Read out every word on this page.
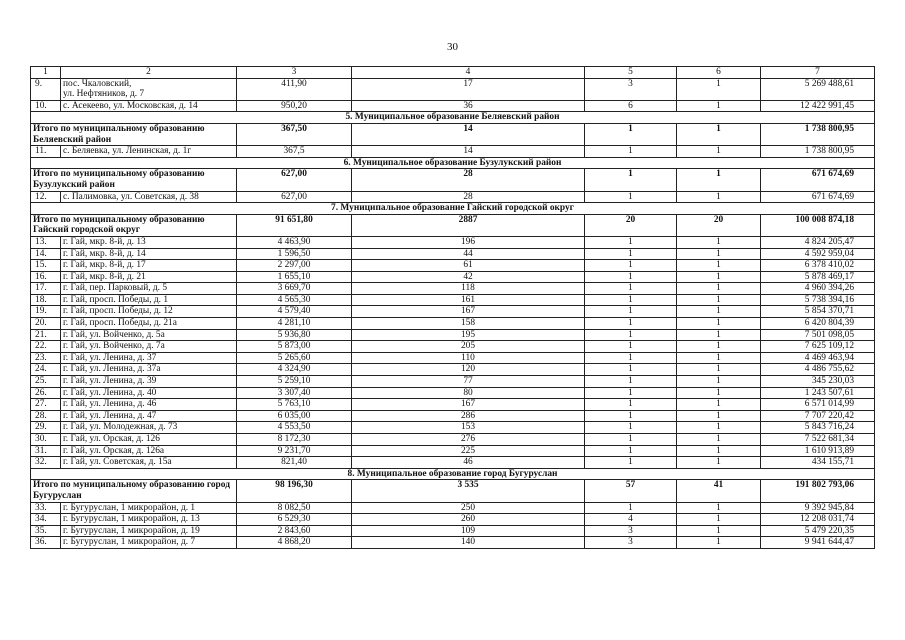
30
1	2	3	4	5	6	7
9.	пос. Чкаловский,
ул. Нефтяников, д. 7	411,90	17	3	1	5 269 488,61
10.	с. Асекеево, ул. Московская, д. 14	950,20	36	6	1	12 422 991,45
5. Муниципальное образование Беляевский район						
Итого по муниципальному образованию Беляевский район		367,50	14	1	1	1 738 800,95
11.	с. Беляевка, ул. Ленинская, д. 1г	367,5	14	1	1	1 738 800,95
6. Муниципальное образование Бузулукский район						
Итого по муниципальному образованию Бузулукский район		627,00	28	1	1	671 674,69
12.	с. Палимовка, ул. Советская, д. 38	627,00	28	1	1	671 674,69
7. Муниципальное образование Гайский городской округ						
Итого по муниципальному образованию Гайский городской округ		91 651,80	2887	20	20	100 008 874,18
13.	г. Гай, мкр. 8-й, д. 13	4 463,90	196	1	1	4 824 205,47
14.	г. Гай, мкр. 8-й, д. 14	1 596,50	44	1	1	4 592 959,04
15.	г. Гай, мкр. 8-й, д. 17	2 297,00	61	1	1	6 378 410,02
16.	г. Гай, мкр. 8-й, д. 21	1 655,10	42	1	1	5 878 469,17
17.	г. Гай, пер. Парковый, д. 5	3 669,70	118	1	1	4 960 394,26
18.	г. Гай, просп. Победы, д. 1	4 565,30	161	1	1	5 738 394,16
19.	г. Гай, просп. Победы, д. 12	4 579,40	167	1	1	5 854 370,71
20.	г. Гай, просп. Победы, д. 21а	4 281,10	158	1	1	6 420 804,39
21.	г. Гай, ул. Войченко, д. 5а	5 936,80	195	1	1	7 501 098,05
22.	г. Гай, ул. Войченко, д. 7а	5 873,00	205	1	1	7 625 109,12
23.	г. Гай, ул. Ленина, д. 37	5 265,60	110	1	1	4 469 463,94
24.	г. Гай, ул. Ленина, д. 37а	4 324,90	120	1	1	4 486 755,62
25.	г. Гай, ул. Ленина, д. 39	5 259,10	77	1	1	345 230,03
26.	г. Гай, ул. Ленина, д. 40	3 307,40	80	1	1	1 243 507,61
27.	г. Гай, ул. Ленина, д. 46	5 763,10	167	1	1	6 571 014,99
28.	г. Гай, ул. Ленина, д. 47	6 035,00	286	1	1	7 707 220,42
29.	г. Гай, ул. Молодежная, д. 73	4 553,50	153	1	1	5 843 716,24
30.	г. Гай, ул. Орская, д. 126	8 172,30	276	1	1	7 522 681,34
31.	г. Гай, ул. Орская, д. 126а	9 231,70	225	1	1	1 610 913,89
32.	г. Гай, ул. Советская, д. 15а	821,40	46	1	1	434 155,71
8. Муниципальное образование город Бугуруслан						
Итого по муниципальному образованию город Бугуруслан		98 196,30	3 535	57	41	191 802 793,06
33.	г. Бугуруслан, 1 микрорайон, д. 1	8 082,50	250	1	1	9 392 945,84
34.	г. Бугуруслан, 1 микрорайон, д. 13	6 529,30	260	4	1	12 208 031,74
35.	г. Бугуруслан, 1 микрорайон, д. 19	2 843,60	109	3	1	5 479 220,35
36.	г. Бугуруслан, 1 микрорайон, д. 7	4 868,20	140	3	1	9 941 644,47
